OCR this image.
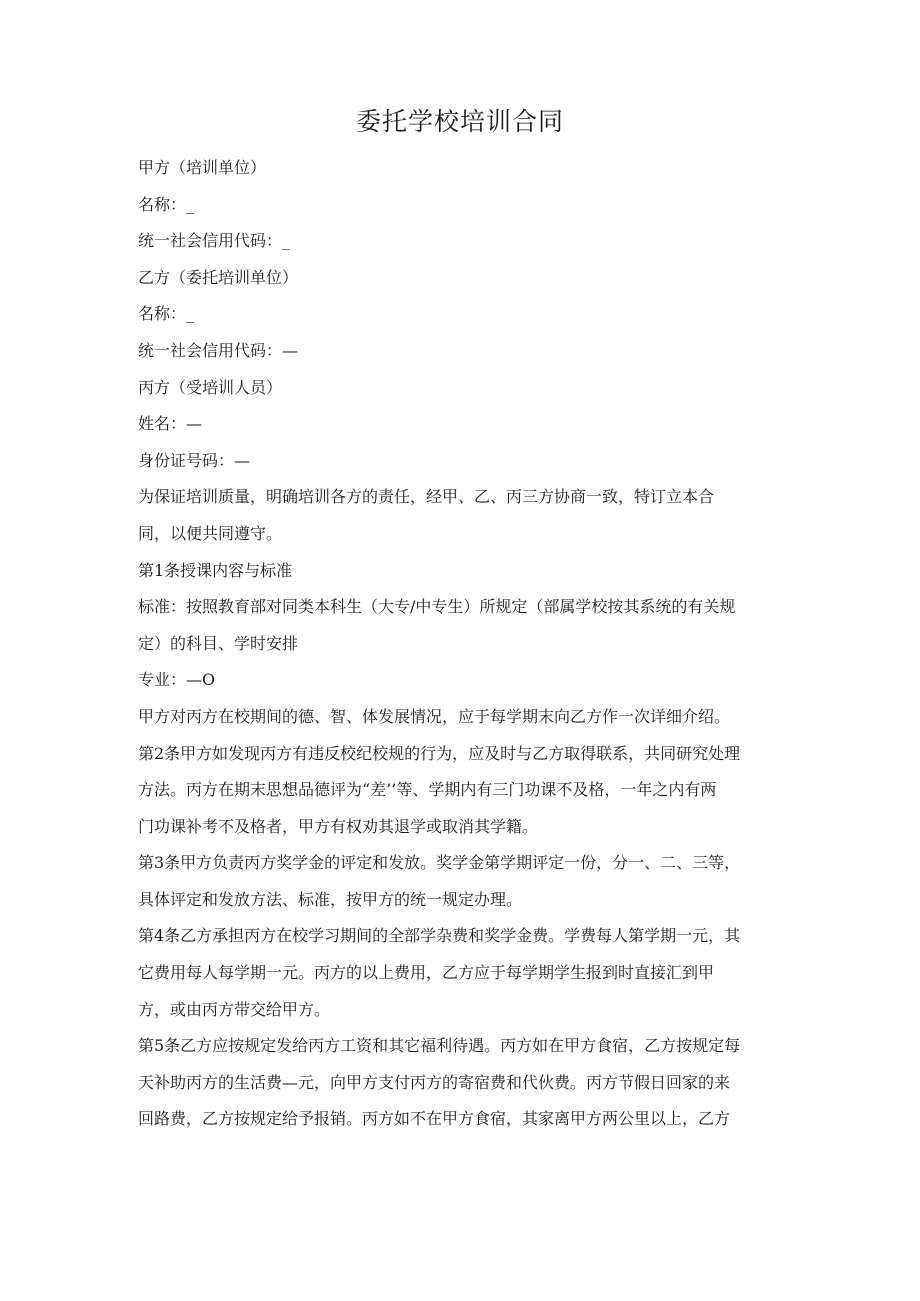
委托学校培训合同

甲方（培训单位）

名称：_

统一社会信用代码：_

乙方（委托培训单位）

名称：_

统一社会信用代码：—

丙方（受培训人员）

姓名：—

身份证号码：—

为保证培训质量，明确培训各方的责任，经甲、乙、丙三方协商一致，特订立本合

同，以便共同遵守。

第1条授课内容与标准

标准：按照教育部对同类本科生（大专/中专生）所规定（部属学校按其系统的有关规

定）的科目、学时安排

专业：—O

甲方对丙方在校期间的德、智、体发展情况，应于每学期末向乙方作一次详细介绍。

第2条甲方如发现丙方有违反校纪校规的行为，应及时与乙方取得联系，共同研究处理

方法。丙方在期末思想品德评为“差’’等、学期内有三门功课不及格，一年之内有两

门功课补考不及格者，甲方有权劝其退学或取消其学籍。

第3条甲方负责丙方奖学金的评定和发放。奖学金第学期评定一份，分一、二、三等，

具体评定和发放方法、标准，按甲方的统一规定办理。

第4条乙方承担丙方在校学习期间的全部学杂费和奖学金费。学费每人第学期一元，其

它费用每人每学期一元。丙方的以上费用，乙方应于每学期学生报到时直接汇到甲

方，或由丙方带交给甲方。

第5条乙方应按规定发给丙方工资和其它福利待遇。丙方如在甲方食宿，乙方按规定每

天补助丙方的生活费—元，向甲方支付丙方的寄宿费和代伙费。丙方节假日回家的来

回路费，乙方按规定给予报销。丙方如不在甲方食宿，其家离甲方两公里以上，乙方
